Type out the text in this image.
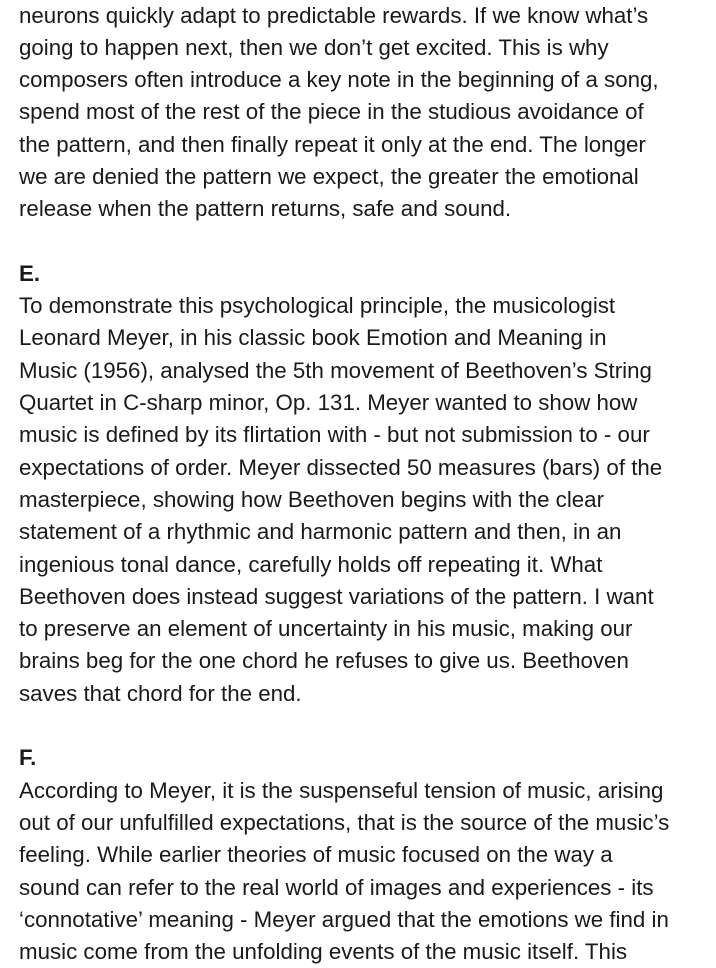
neurons quickly adapt to predictable rewards. If we know what’s
going to happen next, then we don’t get excited. This is why
composers often introduce a key note in the beginning of a song,
spend most of the rest of the piece in the studious avoidance of
the pattern, and then finally repeat it only at the end. The longer
we are denied the pattern we expect, the greater the emotional
release when the pattern returns, safe and sound.
E.
To demonstrate this psychological principle, the musicologist
Leonard Meyer, in his classic book Emotion and Meaning in
Music (1956), analysed the 5th movement of Beethoven’s String
Quartet in C-sharp minor, Op. 131. Meyer wanted to show how
music is defined by its flirtation with - but not submission to - our
expectations of order. Meyer dissected 50 measures (bars) of the
masterpiece, showing how Beethoven begins with the clear
statement of a rhythmic and harmonic pattern and then, in an
ingenious tonal dance, carefully holds off repeating it. What
Beethoven does instead suggest variations of the pattern. I want
to preserve an element of uncertainty in his music, making our
brains beg for the one chord he refuses to give us. Beethoven
saves that chord for the end.
F.
According to Meyer, it is the suspenseful tension of music, arising
out of our unfulfilled expectations, that is the source of the music’s
feeling. While earlier theories of music focused on the way a
sound can refer to the real world of images and experiences - its
‘connotative’ meaning - Meyer argued that the emotions we find in
music come from the unfolding events of the music itself. This
